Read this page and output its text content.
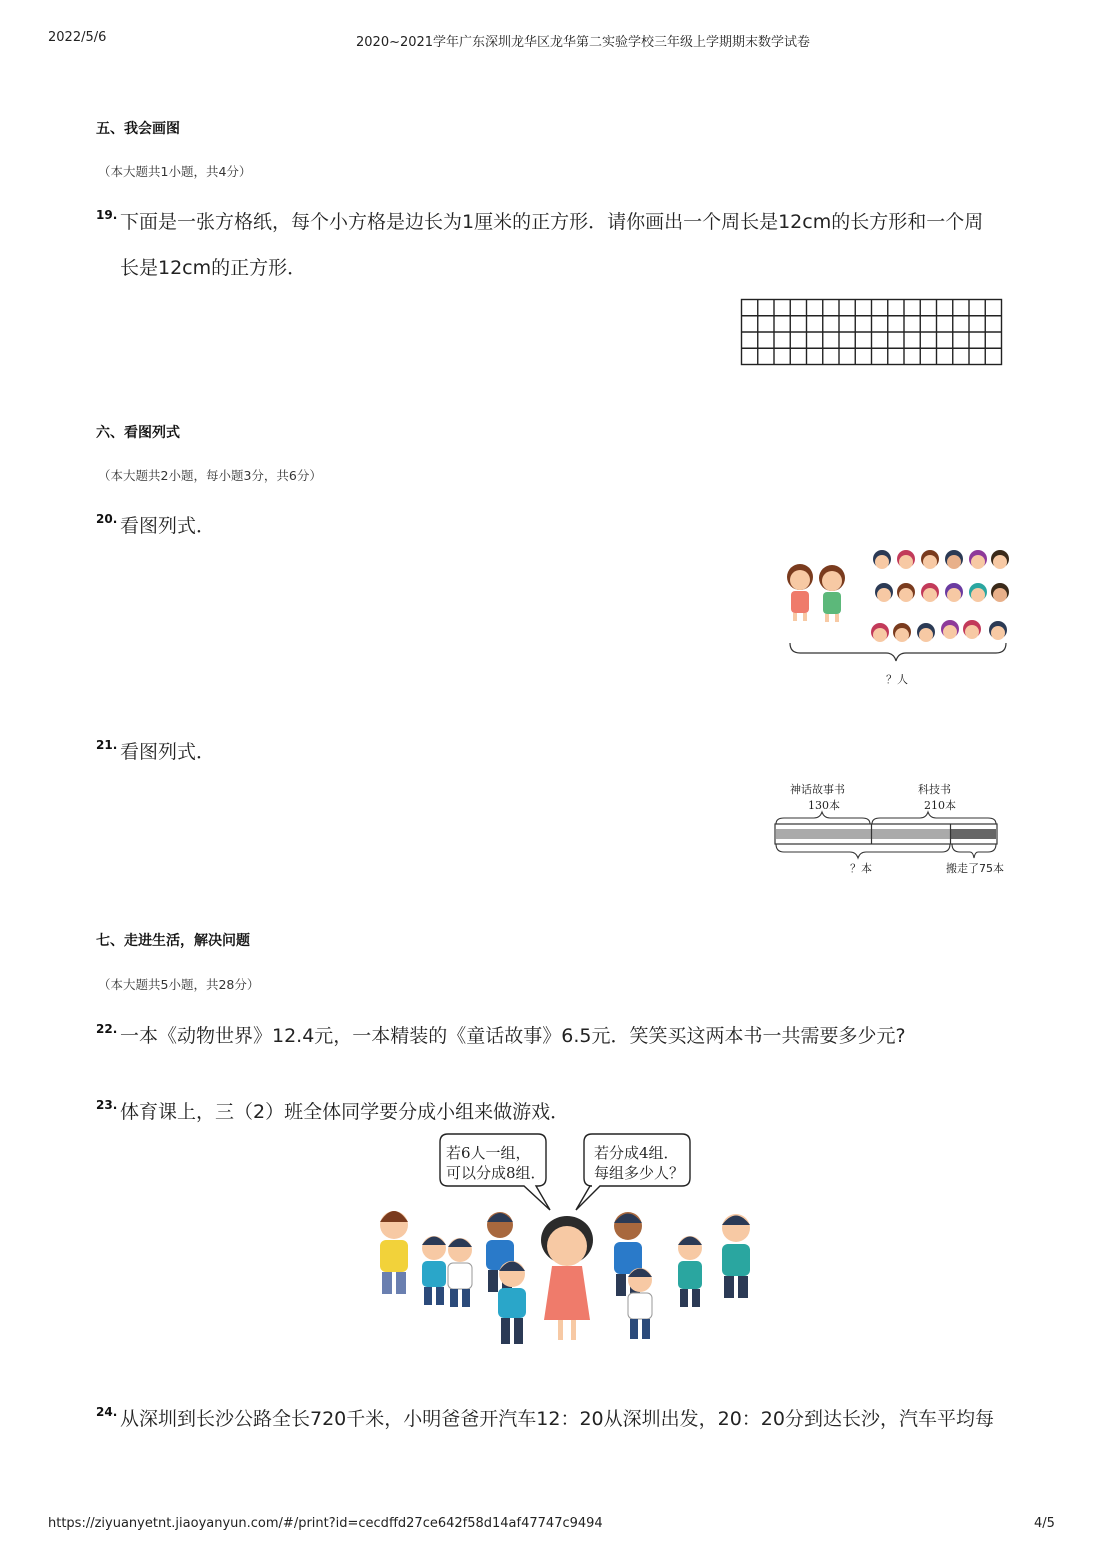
2022/5/6	2020~2021学年广东深圳龙华区龙华第二实验学校三年级上学期期末数学试卷
五、我会画图
（本大题共1小题，共4分）
19. 下面是一张方格纸，每个小方格是边长为1厘米的正方形．请你画出一个周长是12cm的长方形和一个周
长是12cm的正方形．
六、看图列式
（本大题共2小题，每小题3分，共6分）
20. 看图列式．
？人
21. 看图列式．
神话故事书
130本
科技书
210本
？本	搬走了75本
七、走进生活，解决问题
（本大题共5小题，共28分）
22. 一本《动物世界》12.4元，一本精装的《童话故事》6.5元．笑笑买这两本书一共需要多少元?
23. 体育课上，三（2）班全体同学要分成小组来做游戏．
若6人一组，
可以分成8组．
若分成4组．
每组多少人？
24. 从深圳到长沙公路全长720千米，小明爸爸开汽车12：20从深圳出发，20：20分到达长沙，汽车平均每
https://ziyuanyetnt.jiaoyanyun.com/#/print?id=cecdffd27ce642f58d14af47747c9494	4/5
